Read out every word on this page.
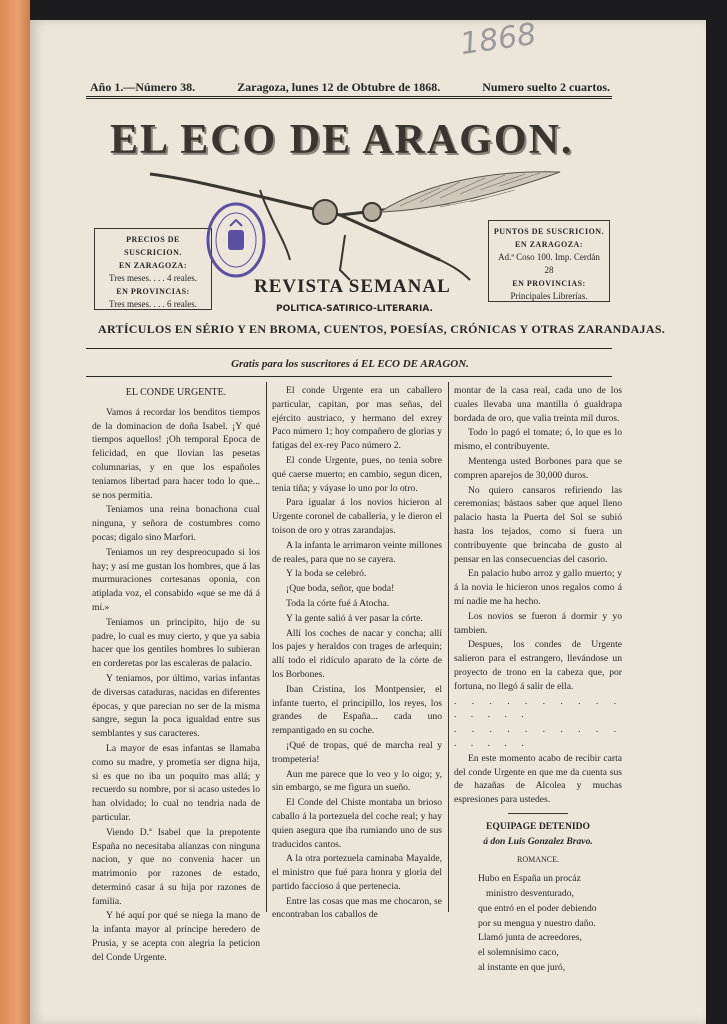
1868
Año 1.—Número 38.	Zaragoza, lunes 12 de Obtubre de 1868.	Numero suelto 2 cuartos.
EL ECO DE ARAGON.
PRECIOS DE SUSCRICION.
EN ZARAGOZA:
Tres meses. . . . 4 reales.
EN PROVINCIAS:
Tres meses. . . . 6 reales.
PUNTOS DE SUSCRICION.
EN ZARAGOZA:
Ad.ª Coso 100. Imp. Cerdán 28
EN PROVINCIAS:
Principales Librerías.
REVISTA SEMANAL
POLITICA-SATIRICO-LITERARIA.
ARTÍCULOS EN SÉRIO Y EN BROMA, CUENTOS, POESÍAS, CRÓNICAS Y OTRAS ZARANDAJAS.
Gratis para los suscritores á EL ECO DE ARAGON.

EL CONDE URGENTE.

Vamos á recordar los benditos tiempos de la dominacion de doña Isabel. ¡Y qué tiempos aquellos! ¡Oh temporal Epoca de felicidad, en que llovian las pesetas columnarias, y en que los españoles teniamos libertad para hacer todo lo que... se nos permitia.

Teniamos una reina bonachona cual ninguna, y señora de costumbres como pocas; digalo sino Marfori.

Teniamos un rey despreocupado si los hay; y así me gustan los hombres, que á las murmuraciones cortesanas oponia, con atiplada voz, el consabido «que se me dá á mí.»

Teniamos un principito, hijo de su padre, lo cual es muy cierto, y que ya sabia hacer que los gentiles hombres lo subieran en corderetas por las escaleras de palacio.

Y teniamos, por último, varias infantas de diversas cataduras, nacidas en diferentes épocas, y que parecian no ser de la misma sangre, segun la poca igualdad entre sus semblantes y sus caracteres.

La mayor de esas infantas se llamaba como su madre, y prometia ser digna hija, si es que no iba un poquito mas allá; y recuerdo su nombre, por si acaso ustedes lo han olvidado; lo cual no tendria nada de particular.

Viendo D.ª Isabel que la prepotente España no necesitaba alianzas con ninguna nacion, y que no convenia hacer un matrimonio por razones de estado, determinó casar á su hija por razones de familia.

Y hé aquí por qué se niega la mano de la infanta mayor al príncipe heredero de Prusia, y se acepta con alegria la peticion del Conde Urgente.

El conde Urgente era un caballero particular, capitan, por mas señas, del ejército austriaco, y hermano del exrey Paco número 1; hoy compañero de glorias y fatigas del ex-rey Paco número 2.

El conde Urgente, pues, no tenia sobre qué caerse muerto; en cambio, segun dicen, tenia tiña; y váyase lo uno por lo otro.

Para igualar á los novios hicieron al Urgente coronel de caballería, y le dieron el toison de oro y otras zarandajas.

A la infanta le arrimaron veinte millones de reales, para que no se cayera.

Y la boda se celebró.

¡Que boda, señor, que boda!

Toda la córte fué á Atocha.

Y la gente salió á ver pasar la córte.

Allí los coches de nacar y concha; allí los pajes y heraldos con trages de arlequin; allí todo el ridículo aparato de la córte de los Borbones.

Iban Cristina, los Montpensier, el infante tuerto, el principillo, los reyes, los grandes de España... cada uno rempantigado en su coche.

¡Qué de tropas, qué de marcha real y trompeteria!

Aun me parece que lo veo y lo oigo; y, sin embargo, se me figura un sueño.

El Conde del Chiste montaba un brioso caballo á la portezuela del coche real; y hay quien asegura que iba rumiando uno de sus traducidos cantos.

A la otra portezuela caminaba Mayalde, el ministro que fué para honra y gloria del partido faccioso á que pertenecia.

Entre las cosas que mas me chocaron, se encontraban los caballos de

montar de la casa real, cada uno de los cuales llevaba una mantilla ó gualdrapa bordada de oro, que valia treinta mil duros.

Todo lo pagó el tomate; ó, lo que es lo mismo, el contribuyente.

Mentenga usted Borbones para que se compren aparejos de 30,000 duros.

No quiero cansaros refiriendo las ceremonias; bástaos saber que aquel lleno palacio hasta la Puerta del Sol se subió hasta los tejados, como si fuera un contribuyente que brincaba de gusto al pensar en las consecuencias del casorio.

En palacio hubo arroz y gallo muerto; y á la novia le hicieron unos regalos como á mí nadie me ha hecho.

Los novios se fueron á dormir y yo tambien.

Despues, los condes de Urgente salieron para el estrangero, llevándose un proyecto de trono en la cabeza que, por fortuna, no llegó á salir de ella.

. . . . . . . . . . . . . . .

. . . . . . . . . . . . . . .

En este momento acabo de recibir carta del conde Urgente en que me da cuenta sus de hazañas de Alcolea y muchas espresiones para ustedes.

EQUIPAGE DETENIDO

á don Luis Gonzalez Bravo.

ROMANCE.

Hubo en España un procáz

ministro desventurado,

que entró en el poder debiendo

por su mengua y nuestro daño.

Llamó junta de acreedores,

el solemnísimo caco,

al instante en que juró,
